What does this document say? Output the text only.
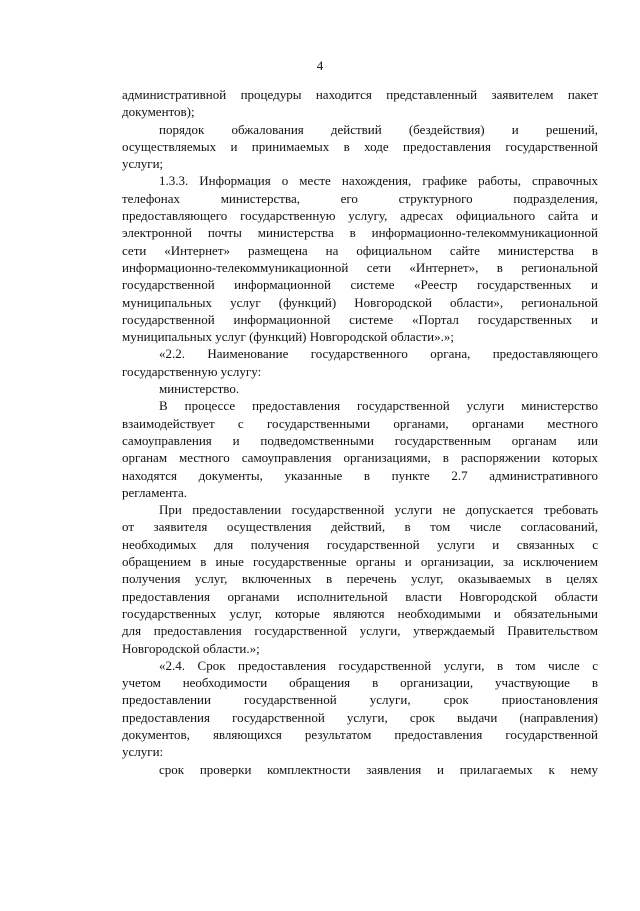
4
административной процедуры находится представленный заявителем пакет
документов);
порядок обжалования действий (бездействия) и решений,
осуществляемых и принимаемых в ходе предоставления государственной
услуги;
1.3.3. Информация о месте нахождения, графике работы, справочных
телефонах министерства, его структурного подразделения,
предоставляющего государственную услугу, адресах официального сайта и
электронной почты министерства в информационно-телекоммуникационной
сети «Интернет» размещена на официальном сайте министерства в
информационно-телекоммуникационной сети «Интернет», в региональной
государственной информационной системе «Реестр государственных и
муниципальных услуг (функций) Новгородской области», региональной
государственной информационной системе «Портал государственных и
муниципальных услуг (функций) Новгородской области».»;
«2.2. Наименование государственного органа, предоставляющего
государственную услугу:
министерство.
В процессе предоставления государственной услуги министерство
взаимодействует с государственными органами, органами местного
самоуправления и подведомственными государственным органам или
органам местного самоуправления организациями, в распоряжении которых
находятся документы, указанные в пункте 2.7 административного
регламента.
При предоставлении государственной услуги не допускается требовать
от заявителя осуществления действий, в том числе согласований,
необходимых для получения государственной услуги и связанных с
обращением в иные государственные органы и организации, за исключением
получения услуг, включенных в перечень услуг, оказываемых в целях
предоставления органами исполнительной власти Новгородской области
государственных услуг, которые являются необходимыми и обязательными
для предоставления государственной услуги, утверждаемый Правительством
Новгородской области.»;
«2.4. Срок предоставления государственной услуги, в том числе с
учетом необходимости обращения в организации, участвующие в
предоставлении государственной услуги, срок приостановления
предоставления государственной услуги, срок выдачи (направления)
документов, являющихся результатом предоставления государственной
услуги:
срок проверки комплектности заявления и прилагаемых к нему
